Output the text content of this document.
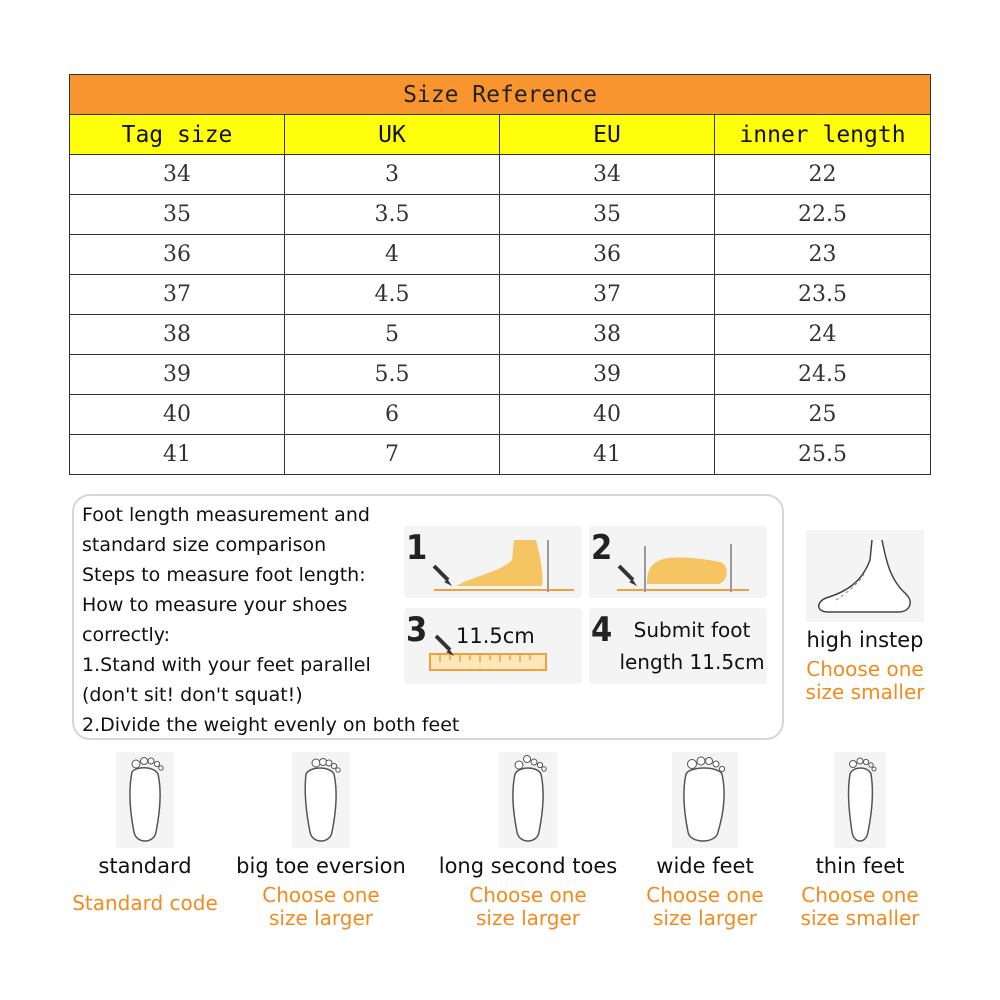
Size Reference			
Tag size	UK	EU	inner length
34	3	34	22
35	3.5	35	22.5
36	4	36	23
37	4.5	37	23.5
38	5	38	24
39	5.5	39	24.5
40	6	40	25
41	7	41	25.5
Foot length measurement and
standard size comparison
Steps to measure foot length:
How to measure your shoes
correctly:
1.Stand with your feet parallel
(don't sit! don't squat!)
2.Divide the weight evenly on both feet
1	2
3 11.5cm 4	Submit foot
length 11.5cm
high instep
Choose one
size smaller
standard
Standard code
big toe eversion
Choose one
size larger
long second toes
Choose one
size larger
wide feet
Choose one
size larger
thin feet
Choose one
size smaller
